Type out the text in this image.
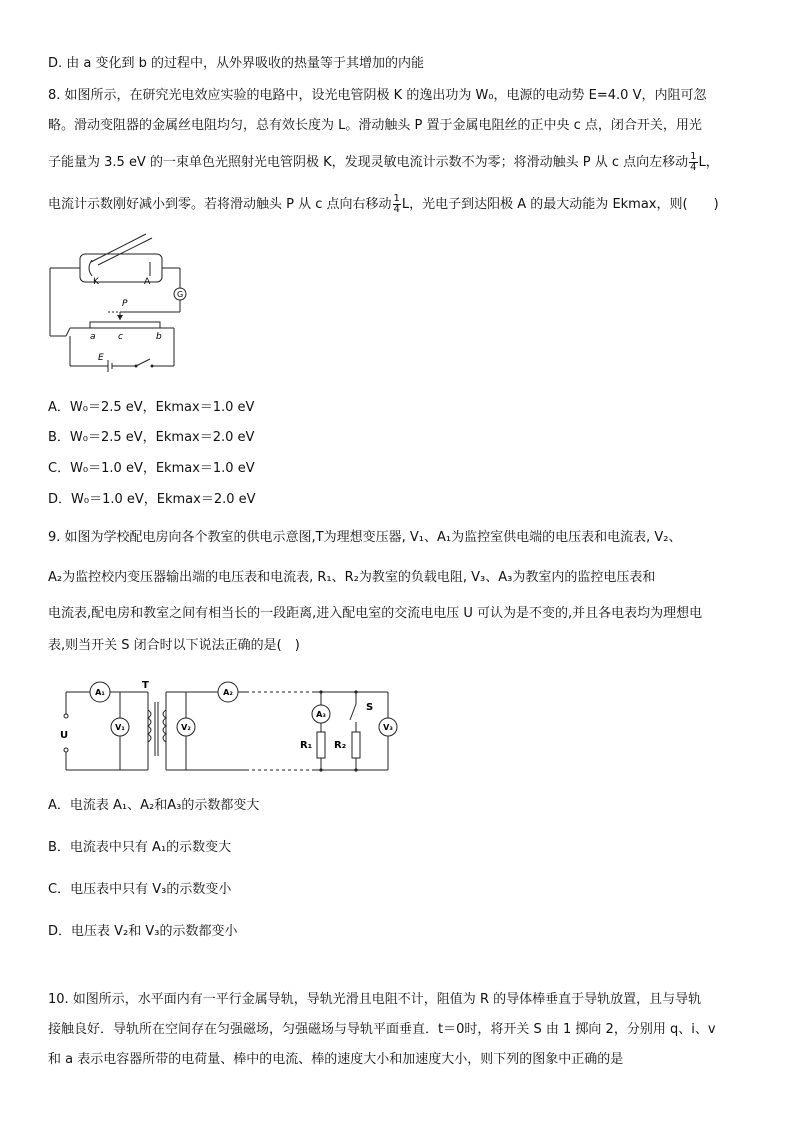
D. 由 a 变化到 b 的过程中，从外界吸收的热量等于其增加的内能
8. 如图所示，在研究光电效应实验的电路中，设光电管阴极 K 的逸出功为 W₀，电源的电动势 E=4.0 V，内阻可忽
略。滑动变阻器的金属丝电阻均匀，总有效长度为 L。滑动触头 P 置于金属电阻丝的正中央 c 点，闭合开关，用光
子能量为 3.5 eV 的一束单色光照射光电管阴极 K，发现灵敏电流计示数不为零；将滑动触头 P 从 c 点向左移动 $\frac{1}{4}$ L，
电流计示数刚好减小到零。若将滑动触头 P 从 c 点向右移动 $\frac{1}{4}$ L，光电子到达阳极 A 的最大动能为 Ekmax，则(　　)
K	A
G
P
a c	b
E
A．W₀＝2.5 eV，Ekmax＝1.0 eV
B．W₀＝2.5 eV，Ekmax＝2.0 eV
C．W₀＝1.0 eV，Ekmax＝1.0 eV
D．W₀＝1.0 eV，Ekmax＝2.0 eV
9. 如图为学校配电房向各个教室的供电示意图,T为理想变压器, V₁、A₁为监控室供电端的电压表和电流表, V₂、
A₂为监控校内变压器输出端的电压表和电流表, R₁、R₂为教室的负载电阻, V₃、A₃为教室内的监控电压表和
电流表,配电房和教室之间有相当长的一段距离,进入配电室的交流电电压 U 可认为是不变的,并且各电表均为理想电
表,则当开关 S 闭合时以下说法正确的是(　)
A₁
V₁	V₂
A₂
A₃
V₃
T
U
S
R₁ R₂
A．电流表 A₁、A₂和A₃的示数都变大
B．电流表中只有 A₁的示数变大
C．电压表中只有 V₃的示数变小
D．电压表 V₂和 V₃的示数都变小
10. 如图所示，水平面内有一平行金属导轨，导轨光滑且电阻不计，阻值为 R 的导体棒垂直于导轨放置，且与导轨
接触良好．导轨所在空间存在匀强磁场，匀强磁场与导轨平面垂直．t＝0时，将开关 S 由 1 掷向 2，分别用 q、i、v
和 a 表示电容器所带的电荷量、棒中的电流、棒的速度大小和加速度大小，则下列的图象中正确的是
